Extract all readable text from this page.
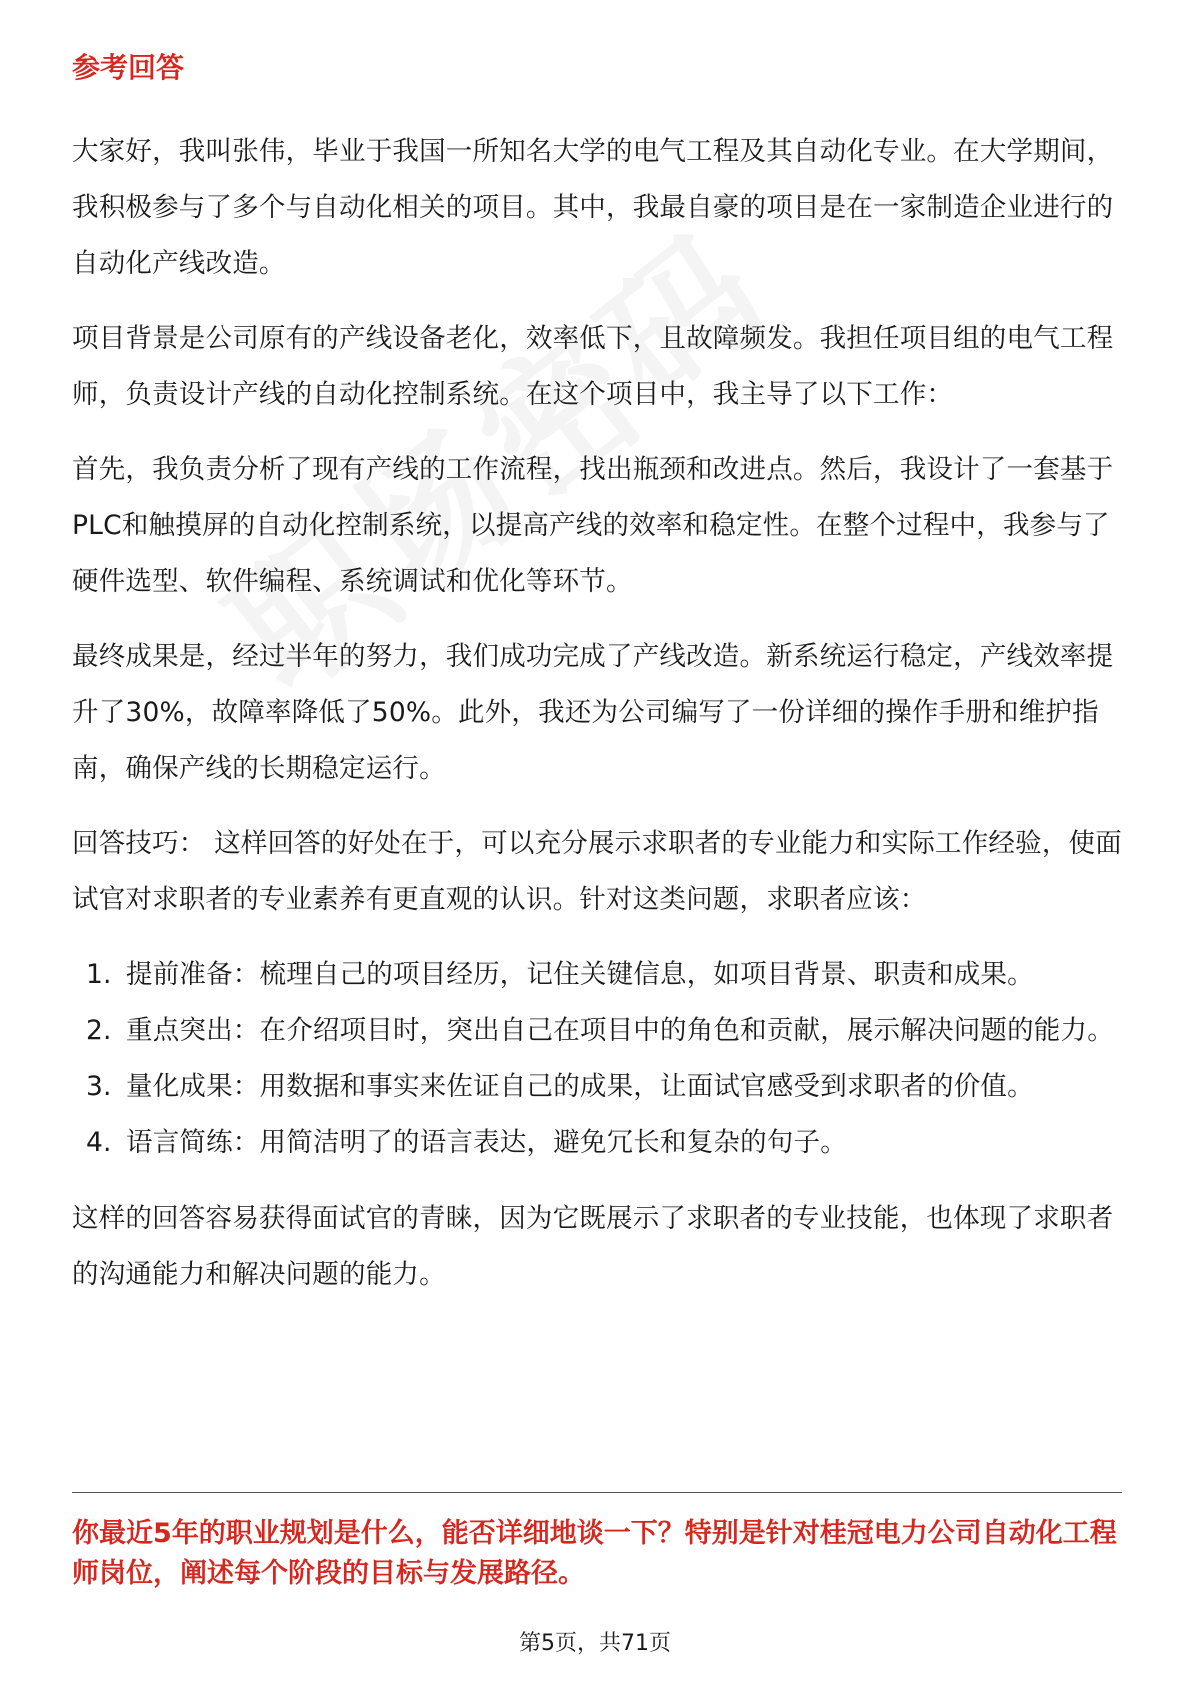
参考回答

大家好，我叫张伟，毕业于我国一所知名大学的电气工程及其自动化专业。在大学期间，我积极参与了多个与自动化相关的项目。其中，我最自豪的项目是在一家制造企业进行的自动化产线改造。

项目背景是公司原有的产线设备老化，效率低下，且故障频发。我担任项目组的电气工程师，负责设计产线的自动化控制系统。在这个项目中，我主导了以下工作：

首先，我负责分析了现有产线的工作流程，找出瓶颈和改进点。然后，我设计了一套基于PLC和触摸屏的自动化控制系统，以提高产线的效率和稳定性。在整个过程中，我参与了硬件选型、软件编程、系统调试和优化等环节。

最终成果是，经过半年的努力，我们成功完成了产线改造。新系统运行稳定，产线效率提升了30%，故障率降低了50%。此外，我还为公司编写了一份详细的操作手册和维护指南，确保产线的长期稳定运行。

回答技巧： 这样回答的好处在于，可以充分展示求职者的专业能力和实际工作经验，使面试官对求职者的专业素养有更直观的认识。针对这类问题，求职者应该：

1. 提前准备：梳理自己的项目经历，记住关键信息，如项目背景、职责和成果。
2. 重点突出：在介绍项目时，突出自己在项目中的角色和贡献，展示解决问题的能力。
3. 量化成果：用数据和事实来佐证自己的成果，让面试官感受到求职者的价值。
4. 语言简练：用简洁明了的语言表达，避免冗长和复杂的句子。

这样的回答容易获得面试官的青睐，因为它既展示了求职者的专业技能，也体现了求职者的沟通能力和解决问题的能力。

你最近5年的职业规划是什么，能否详细地谈一下？特别是针对桂冠电力公司自动化工程师岗位，阐述每个阶段的目标与发展路径。
第5页，共71页
